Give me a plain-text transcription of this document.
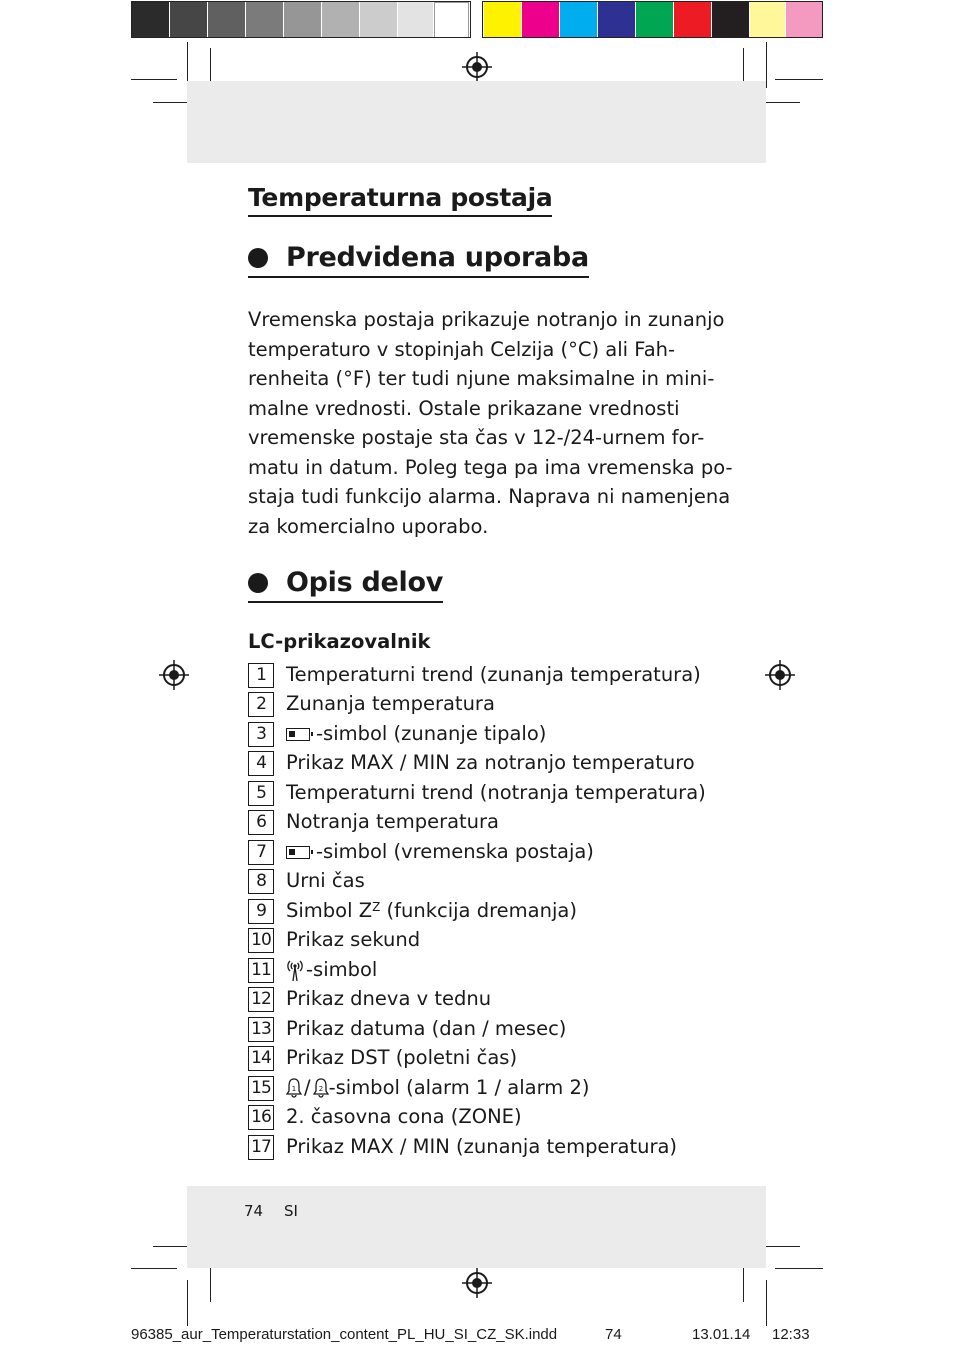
Temperaturna postaja
Predvidena uporaba
Vremenska postaja prikazuje notranjo in zunanjo
temperaturo v stopinjah Celzija (°C) ali Fah-
renheita (°F) ter tudi njune maksimalne in mini-
malne vrednosti. Ostale prikazane vrednosti
vremenske postaje sta čas v 12-/24-urnem for-
matu in datum. Poleg tega pa ima vremenska po-
staja tudi funkcijo alarma. Naprava ni namenjena
za komercialno uporabo.
Opis delov
LC-prikazovalnik
1	Temperaturni trend (zunanja temperatura)
2	Zunanja temperatura
3	-simbol (zunanje tipalo)
4	Prikaz MAX / MIN za notranjo temperaturo
5	Temperaturni trend (notranja temperatura)
6	Notranja temperatura
7	-simbol (vremenska postaja)
8	Urni čas
9	Simbol $Z^Z$ (funkcija dremanja)
10 Prikaz sekund
11 -simbol
12 Prikaz dneva v tednu
13 Prikaz datuma (dan / mesec)
14 Prikaz DST (poletni čas)
15	1 / 2 -simbol (alarm 1 / alarm 2)
16 2. časovna cona (ZONE)
17 Prikaz MAX / MIN (zunanja temperatura)
74 SI
96385_aur_Temperaturstation_content_PL_HU_SI_CZ_SK.indd	74	13.01.14 12:33
